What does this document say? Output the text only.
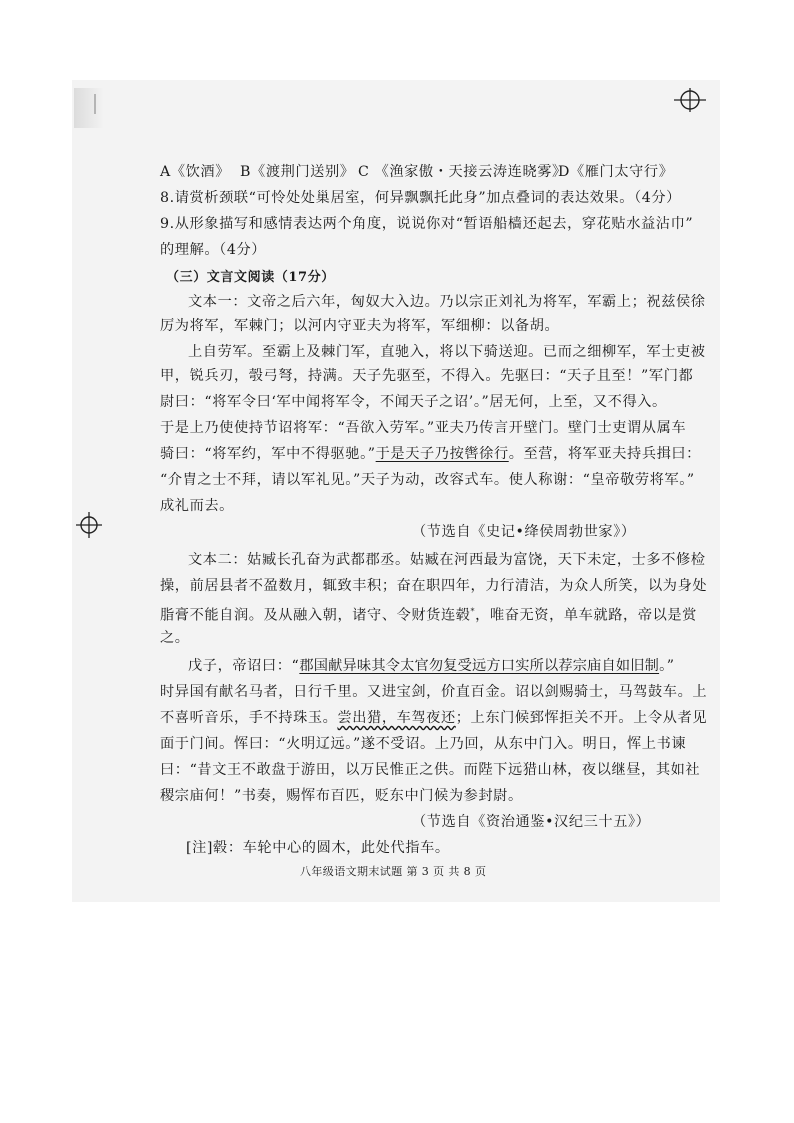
A《饮酒》 B《渡荆门送别》 C 《渔家傲・天接云涛连晓雾》D《雁门太守行》
8.请赏析颈联“可怜处处巢居室，何异飘飘托此身”加点叠词的表达效果。（4分）
9.从形象描写和感情表达两个角度，说说你对“暂语船樯还起去，穿花贴水益沾巾”
的理解。（4分）
（三）文言文阅读（17分）
文本一：文帝之后六年，匈奴大入边。乃以宗正刘礼为将军，军霸上；祝兹侯徐
厉为将军，军棘门；以河内守亚夫为将军，军细柳：以备胡。
上自劳军。至霸上及棘门军，直驰入，将以下骑送迎。已而之细柳军，军士吏被
甲，锐兵刃，彀弓弩，持满。天子先驱至，不得入。先驱曰：“天子且至！”军门都
尉曰：“将军令曰‘军中闻将军令，不闻天子之诏’。”居无何，上至，又不得入。
于是上乃使使持节诏将军：“吾欲入劳军。”亚夫乃传言开壁门。壁门士吏谓从属车
骑曰：“将军约，军中不得驱驰。”于是天子乃按辔徐行。至营，将军亚夫持兵揖曰：
“介胄之士不拜，请以军礼见。”天子为动，改容式车。使人称谢：“皇帝敬劳将军。”
成礼而去。
（节选自《史记•绛侯周勃世家》）
文本二：姑臧长孔奋为武都郡丞。姑臧在河西最为富饶，天下未定，士多不修检
操，前居县者不盈数月，辄致丰积；奋在职四年，力行清洁，为众人所笑，以为身处
脂膏不能自润。及从融入朝，诸守、令财货连毂*，唯奋无资，单车就路，帝以是赏
之。
戊子，帝诏曰：“郡国献异味其令太官勿复受远方口实所以荐宗庙自如旧制。”
时异国有献名马者，日行千里。又进宝剑，价直百金。诏以剑赐骑士，马驾鼓车。上
不喜听音乐，手不持珠玉。尝出猎，车驾夜还；上东门候郅恽拒关不开。上令从者见
面于门间。恽曰：“火明辽远。”遂不受诏。上乃回，从东中门入。明日，恽上书谏
曰：“昔文王不敢盘于游田，以万民惟正之供。而陛下远猎山林，夜以继昼，其如社
稷宗庙何！”书奏，赐恽布百匹，贬东中门候为参封尉。
（节选自《资治通鉴•汉纪三十五》）
[注]毂：车轮中心的圆木，此处代指车。
八年级语文期末试题 第 3 页 共 8 页
